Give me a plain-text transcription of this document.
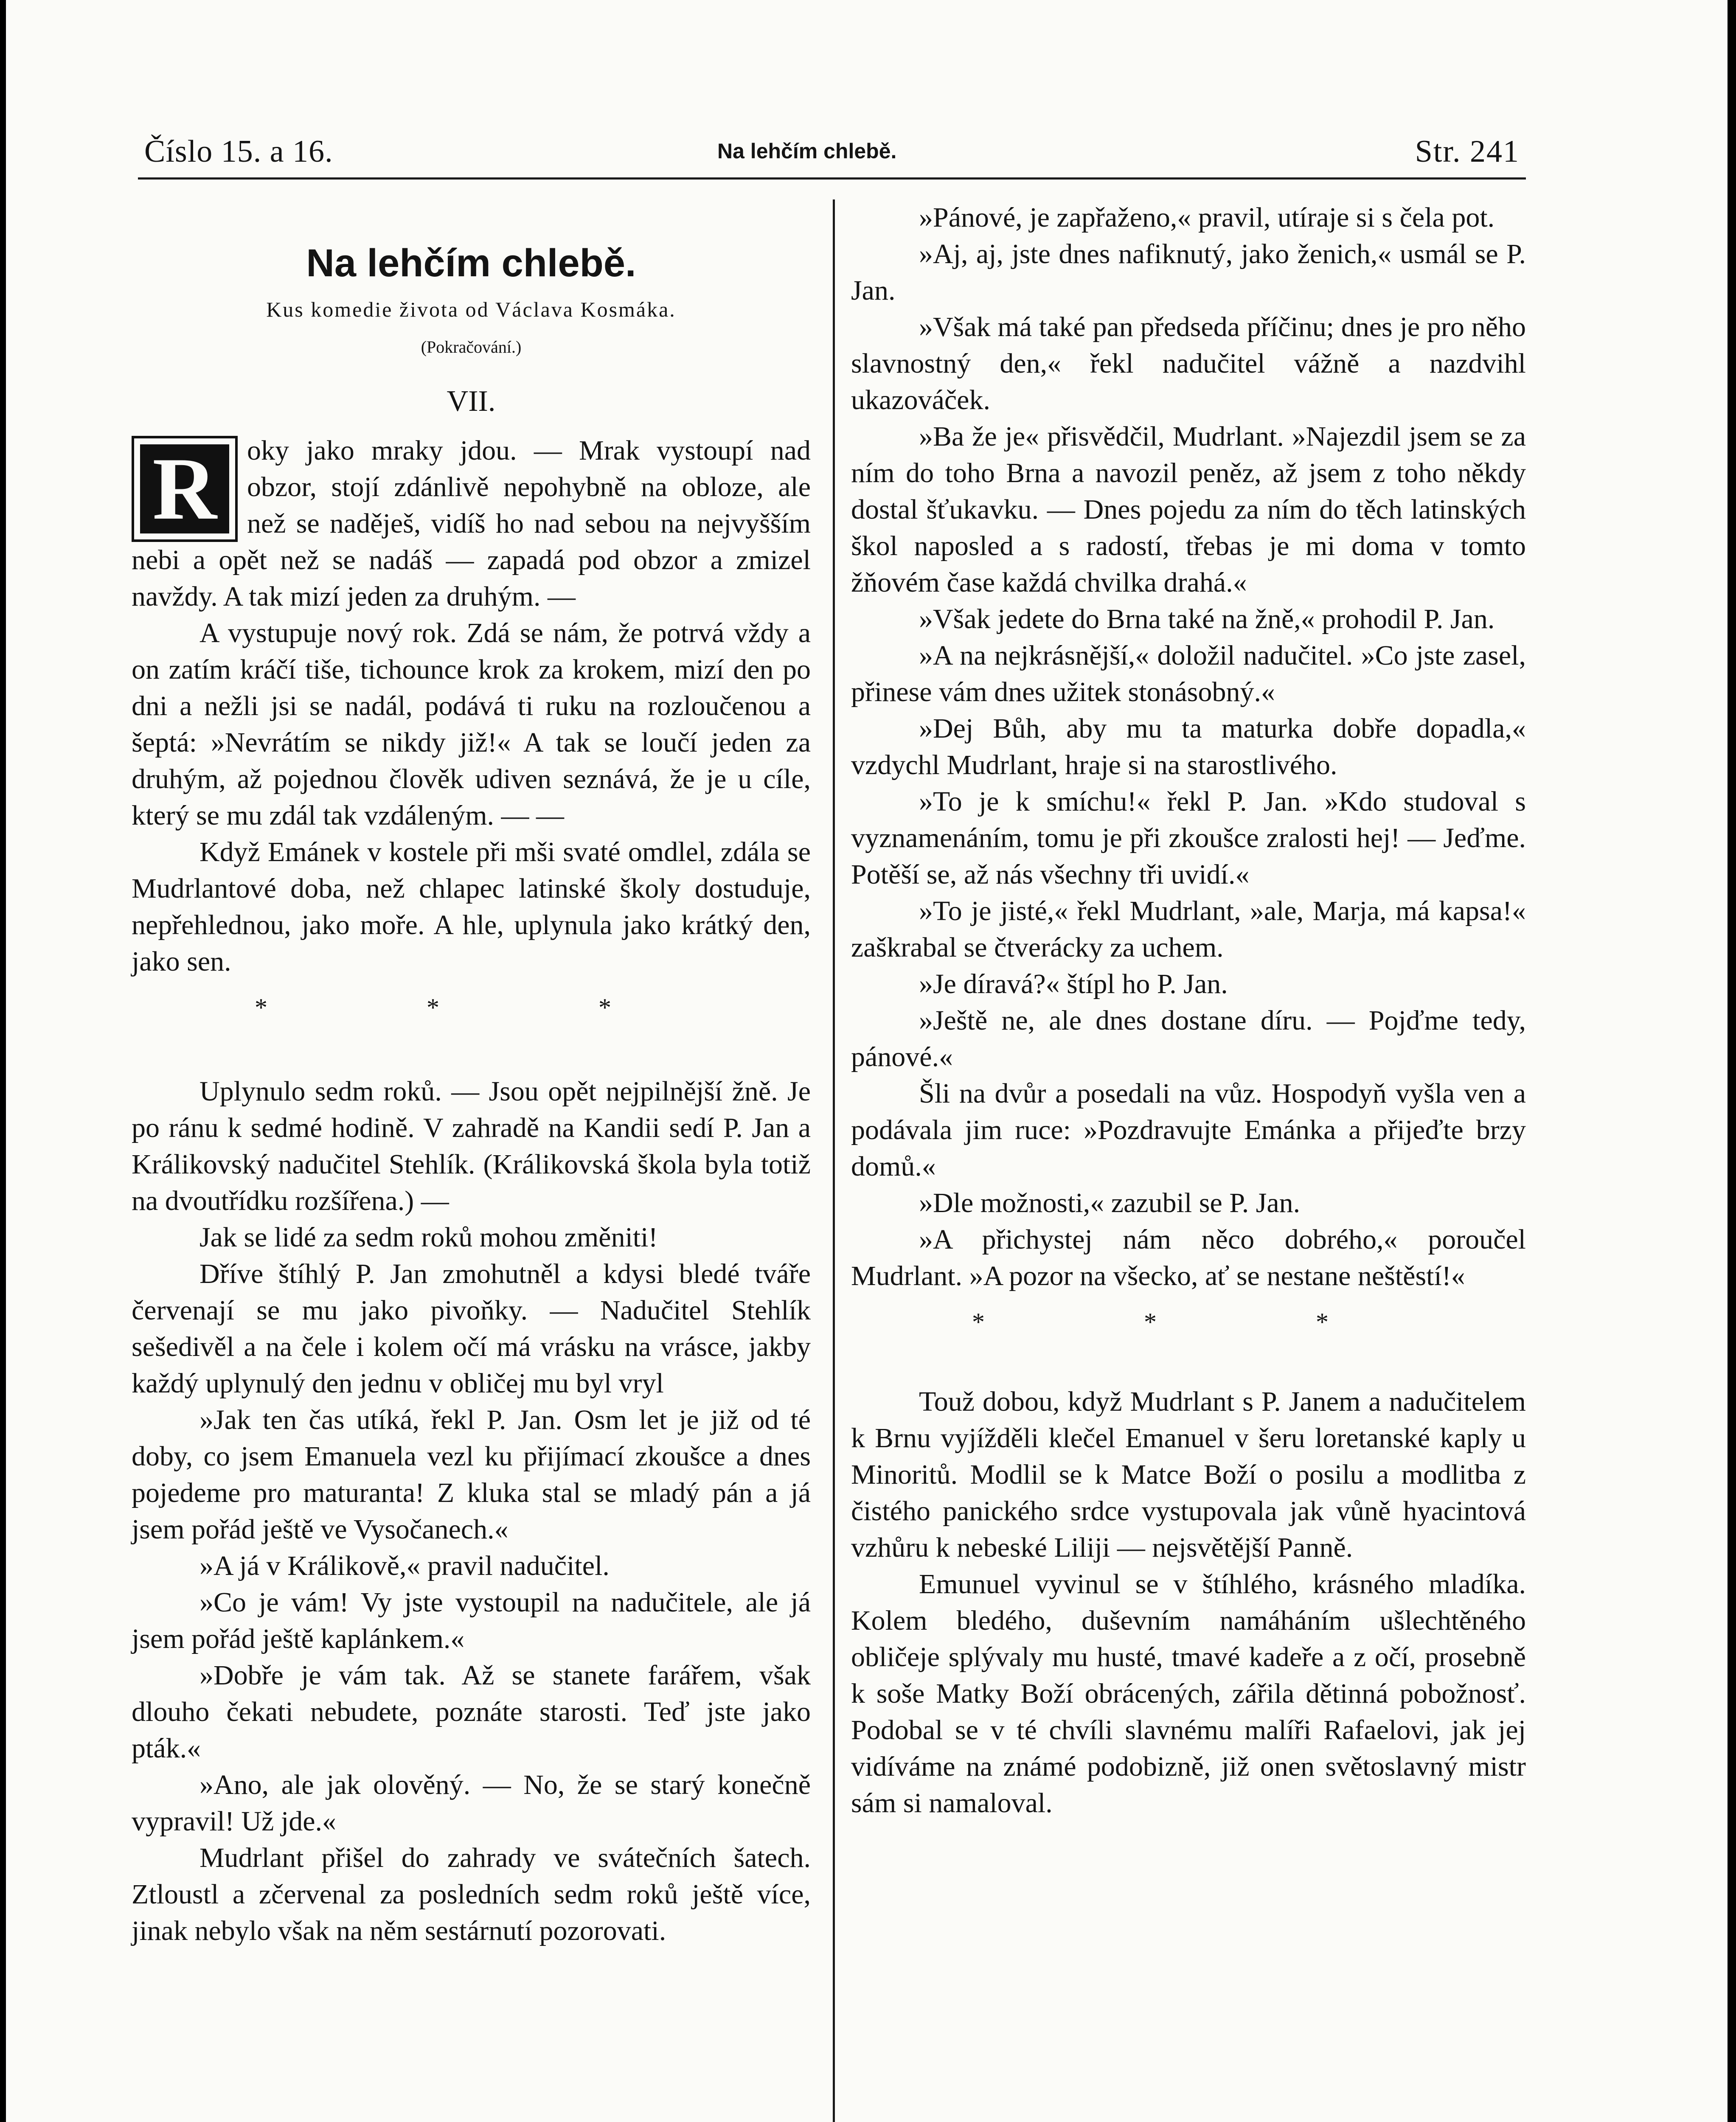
Číslo 15. a 16.	Na lehčím chlebě.	Str. 241
Na lehčím chlebě.
Kus komedie života od Václava Kosmáka.
(Pokračování.)
VII.

R	oky jako mraky jdou. — Mrak vystoupí nad obzor, stojí zdánlivě nepohybně na obloze, ale než se naděješ, vidíš ho nad sebou na nejvyšším nebi a opět než se nadáš — zapadá pod obzor a zmizel navždy. A tak mizí jeden za druhým. —

A vystupuje nový rok. Zdá se nám, že potrvá vždy a on zatím kráčí tiše, tichounce krok za krokem, mizí den po dni a nežli jsi se nadál, podává ti ruku na rozloučenou a šeptá: »Nevrátím se nikdy již!« A tak se loučí jeden za druhým, až pojednou člověk udiven seznává, že je u cíle, který se mu zdál tak vzdáleným. — —

Když Emánek v kostele při mši svaté omdlel, zdála se Mudrlantové doba, než chlapec latinské školy dostuduje, nepřehlednou, jako moře. A hle, uplynula jako krátký den, jako sen.

* * *

Uplynulo sedm roků. — Jsou opět nejpilnější žně. Je po ránu k sedmé hodině. V zahradě na Kandii sedí P. Jan a Králikovský nadučitel Stehlík. (Králikovská škola byla totiž na dvoutřídku rozšířena.) —

Jak se lidé za sedm roků mohou změniti!

Dříve štíhlý P. Jan zmohutněl a kdysi bledé tváře červenají se mu jako pivoňky. — Nadučitel Stehlík sešedivěl a na čele i kolem očí má vrásku na vrásce, jakby každý uplynulý den jednu v obličej mu byl vryl

»Jak ten čas utíká, řekl P. Jan. Osm let je již od té doby, co jsem Emanuela vezl ku přijímací zkoušce a dnes pojedeme pro maturanta! Z kluka stal se mladý pán a já jsem pořád ještě ve Vysočanech.«

»A já v Králikově,« pravil nadučitel.

»Co je vám! Vy jste vystoupil na nadučitele, ale já jsem pořád ještě kaplánkem.«

»Dobře je vám tak. Až se stanete farářem, však dlouho čekati nebudete, poznáte starosti. Teď jste jako pták.«

»Ano, ale jak olověný. — No, že se starý konečně vypravil! Už jde.«

Mudrlant přišel do zahrady ve svátečních šatech. Ztloustl a zčervenal za posledních sedm roků ještě více, jinak nebylo však na něm sestárnutí pozorovati.

»Pánové, je zapřaženo,« pravil, utíraje si s čela pot.

»Aj, aj, jste dnes nafiknutý, jako ženich,« usmál se P. Jan.

»Však má také pan předseda příčinu; dnes je pro něho slavnostný den,« řekl nadučitel vážně a nazdvihl ukazováček.

»Ba že je« přisvědčil, Mudrlant. »Najezdil jsem se za ním do toho Brna a navozil peněz, až jsem z toho někdy dostal šťukavku. — Dnes pojedu za ním do těch latinských škol naposled a s radostí, třebas je mi doma v tomto žňovém čase každá chvilka drahá.«

»Však jedete do Brna také na žně,« prohodil P. Jan.

»A na nejkrásnější,« doložil nadučitel. »Co jste zasel, přinese vám dnes užitek stonásobný.«

»Dej Bůh, aby mu ta maturka dobře dopadla,« vzdychl Mudrlant, hraje si na starostlivého.

»To je k smíchu!« řekl P. Jan. »Kdo studoval s vyznamenáním, tomu je při zkoušce zralosti hej! — Jeďme. Potěší se, až nás všechny tři uvidí.«

»To je jisté,« řekl Mudrlant, »ale, Marja, má kapsa!« zaškrabal se čtverácky za uchem.

»Je díravá?« štípl ho P. Jan.

»Ještě ne, ale dnes dostane díru. — Pojďme tedy, pánové.«

Šli na dvůr a posedali na vůz. Hospodyň vyšla ven a podávala jim ruce: »Pozdravujte Emánka a přijeďte brzy domů.«

»Dle možnosti,« zazubil se P. Jan.

»A přichystej nám něco dobrého,« poroučel Mudrlant. »A pozor na všecko, ať se nestane neštěstí!«

* * *

Touž dobou, když Mudrlant s P. Janem a nadučitelem k Brnu vyjížděli klečel Emanuel v šeru loretanské kaply u Minoritů. Modlil se k Matce Boží o posilu a modlitba z čistého panického srdce vystupovala jak vůně hyacintová vzhůru k nebeské Liliji — nejsvětější Panně.

Emunuel vyvinul se v štíhlého, krásného mladíka. Kolem bledého, duševním namáháním ušlechtěného obličeje splývaly mu husté, tmavé kadeře a z očí, prosebně k soše Matky Boží obrácených, zářila dětinná pobožnosť. Podobal se v té chvíli slavnému malíři Rafaelovi, jak jej vidíváme na známé podobizně, již onen světoslavný mistr sám si namaloval.
